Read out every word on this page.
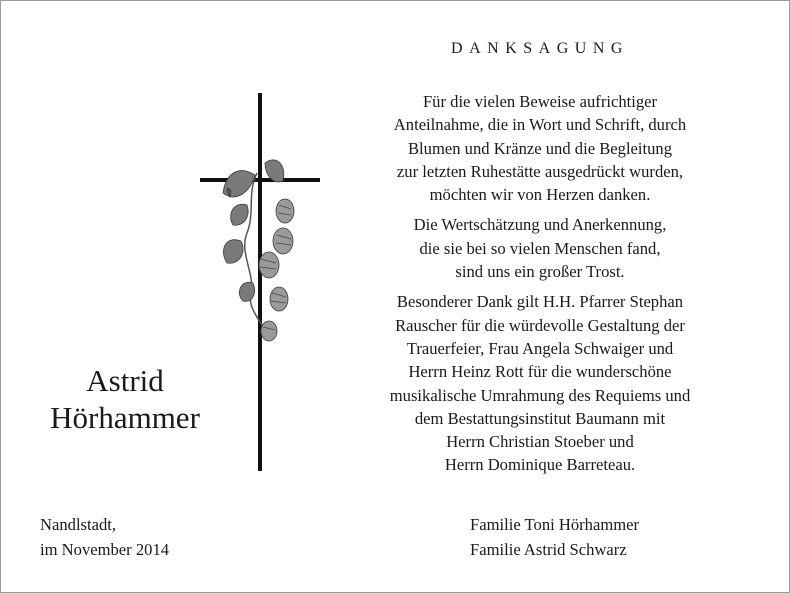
DANKSAGUNG

Für die vielen Beweise aufrichtiger
Anteilnahme, die in Wort und Schrift, durch
Blumen und Kränze und die Begleitung
zur letzten Ruhestätte ausgedrückt wurden,
möchten wir von Herzen danken.

Die Wertschätzung und Anerkennung,
die sie bei so vielen Menschen fand,
sind uns ein großer Trost.

Besonderer Dank gilt H.H. Pfarrer Stephan
Rauscher für die würdevolle Gestaltung der
Trauerfeier, Frau Angela Schwaiger und
Herrn Heinz Rott für die wunderschöne
musikalische Umrahmung des Requiems und
dem Bestattungsinstitut Baumann mit
Herrn Christian Stoeber und
Herrn Dominique Barreteau.

Astrid
Hörhammer
Nandlstadt,
im November 2014
Familie Toni Hörhammer
Familie Astrid Schwarz
